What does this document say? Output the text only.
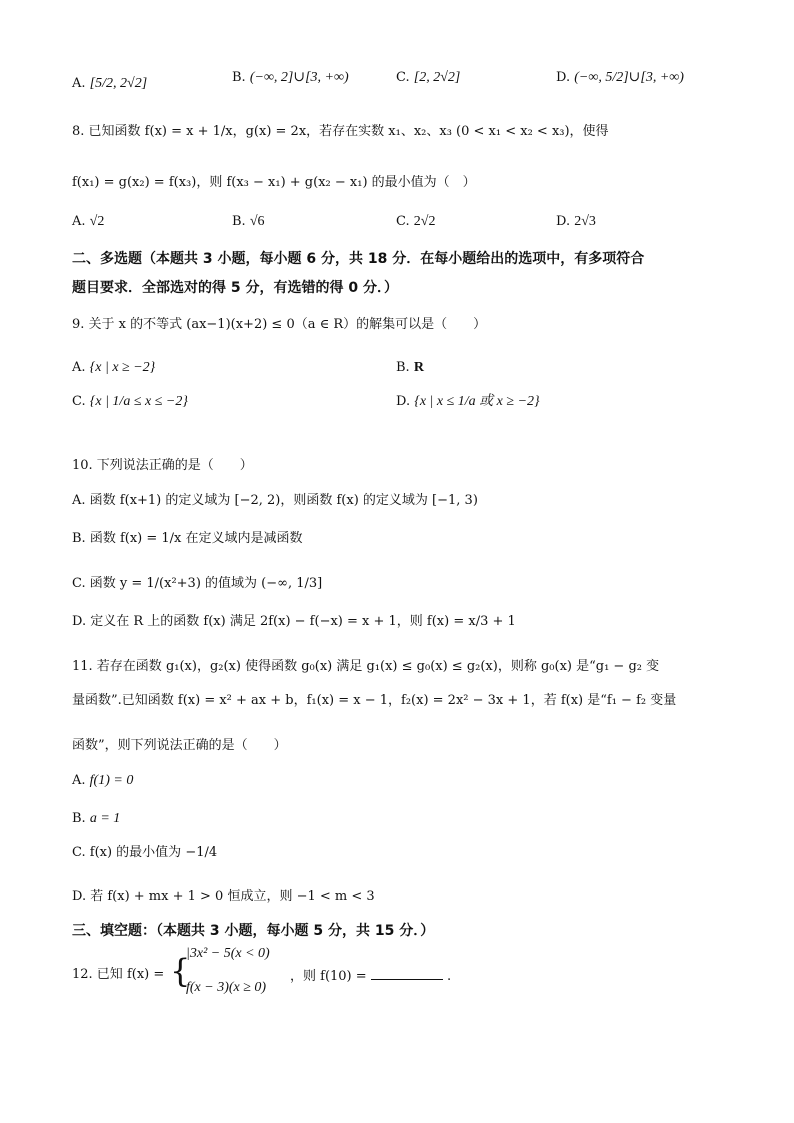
A. [5/2, 2√2]	B. (−∞, 2]∪[3, +∞)	C. [2, 2√2]	D. (−∞, 5/2]∪[3, +∞)
8. 已知函数 f(x) = x + 1/x，g(x) = 2x，若存在实数 x₁、x₂、x₃ (0 < x₁ < x₂ < x₃)，使得
f(x₁) = g(x₂) = f(x₃)，则 f(x₃ − x₁) + g(x₂ − x₁) 的最小值为（　）
A. √2	B. √6	C. 2√2	D. 2√3
二、多选题（本题共 3 小题，每小题 6 分，共 18 分．在每小题给出的选项中，有多项符合
题目要求．全部选对的得 5 分，有选错的得 0 分．）
9. 关于 x 的不等式 (ax−1)(x+2) ≤ 0（a ∈ R）的解集可以是（　　）
A. {x | x ≥ −2}	B. R
C. {x | 1/a ≤ x ≤ −2}	D. {x | x ≤ 1/a 或 x ≥ −2}
10. 下列说法正确的是（　　）
A. 函数 f(x+1) 的定义域为 [−2, 2)，则函数 f(x) 的定义域为 [−1, 3)
B. 函数 f(x) = 1/x 在定义域内是减函数
C. 函数 y = 1/(x²+3) 的值域为 (−∞, 1/3]
D. 定义在 R 上的函数 f(x) 满足 2f(x) − f(−x) = x + 1，则 f(x) = x/3 + 1
11. 若存在函数 g₁(x)，g₂(x) 使得函数 g₀(x) 满足 g₁(x) ≤ g₀(x) ≤ g₂(x)，则称 g₀(x) 是“g₁ − g₂ 变
量函数”.已知函数 f(x) = x² + ax + b，f₁(x) = x − 1，f₂(x) = 2x² − 3x + 1，若 f(x) 是“f₁ − f₂ 变量
函数”，则下列说法正确的是（　　）
A. f(1) = 0
B. a = 1
C. f(x) 的最小值为 −1/4
D. 若 f(x) + mx + 1 > 0 恒成立，则 −1 < m < 3
三、填空题：（本题共 3 小题，每小题 5 分，共 15 分．）
12. 已知 f(x) = {
|3x² − 5(x < 0)
f(x − 3)(x ≥ 0)
，则 f(10) =	.
